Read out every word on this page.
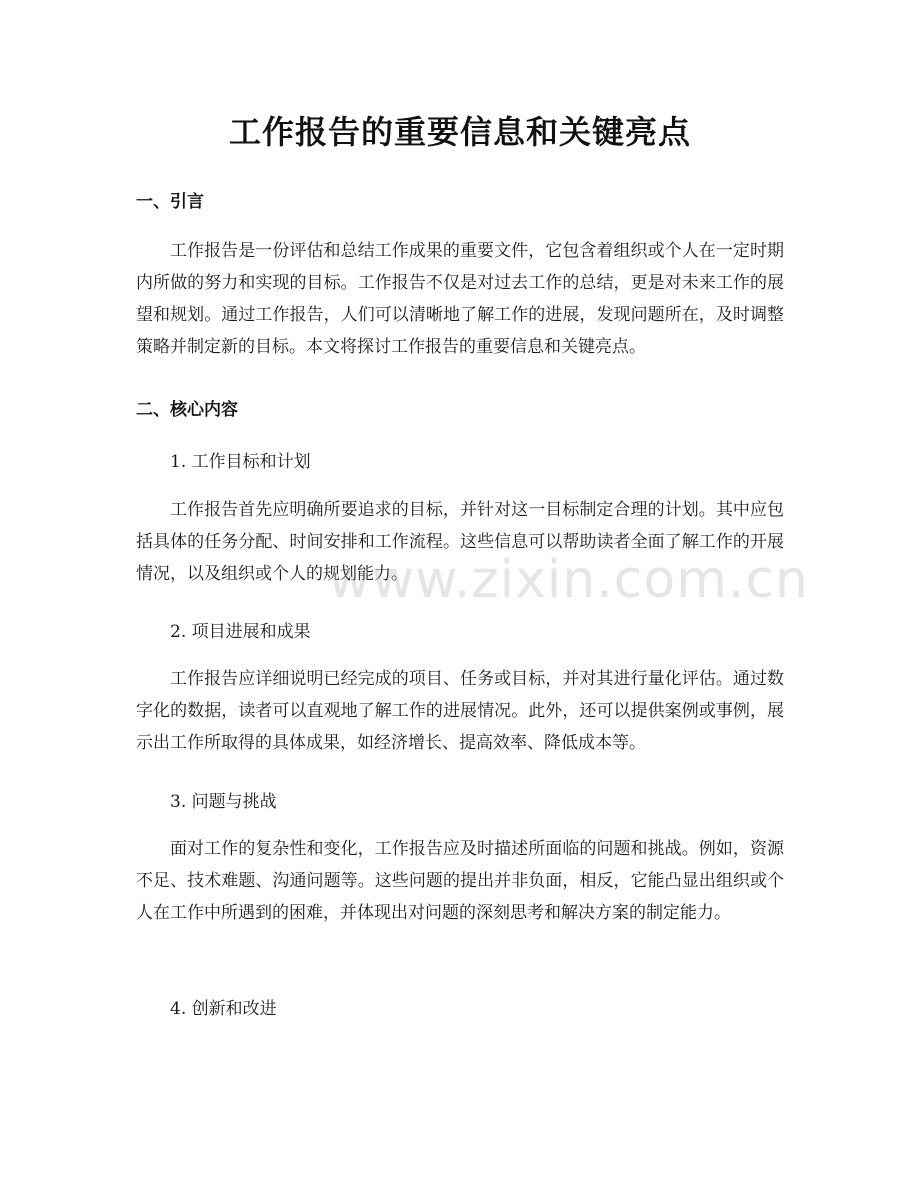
工作报告的重要信息和关键亮点
一、引言
工作报告是一份评估和总结工作成果的重要文件，它包含着组织或个人在一定时期内所做的努力和实现的目标。工作报告不仅是对过去工作的总结，更是对未来工作的展望和规划。通过工作报告，人们可以清晰地了解工作的进展，发现问题所在，及时调整策略并制定新的目标。本文将探讨工作报告的重要信息和关键亮点。
二、核心内容
1. 工作目标和计划
工作报告首先应明确所要追求的目标，并针对这一目标制定合理的计划。其中应包括具体的任务分配、时间安排和工作流程。这些信息可以帮助读者全面了解工作的开展情况，以及组织或个人的规划能力。
2. 项目进展和成果
工作报告应详细说明已经完成的项目、任务或目标，并对其进行量化评估。通过数字化的数据，读者可以直观地了解工作的进展情况。此外，还可以提供案例或事例，展示出工作所取得的具体成果，如经济增长、提高效率、降低成本等。
3. 问题与挑战
面对工作的复杂性和变化，工作报告应及时描述所面临的问题和挑战。例如，资源不足、技术难题、沟通问题等。这些问题的提出并非负面，相反，它能凸显出组织或个人在工作中所遇到的困难，并体现出对问题的深刻思考和解决方案的制定能力。
4. 创新和改进
www.zixin.com.cn
